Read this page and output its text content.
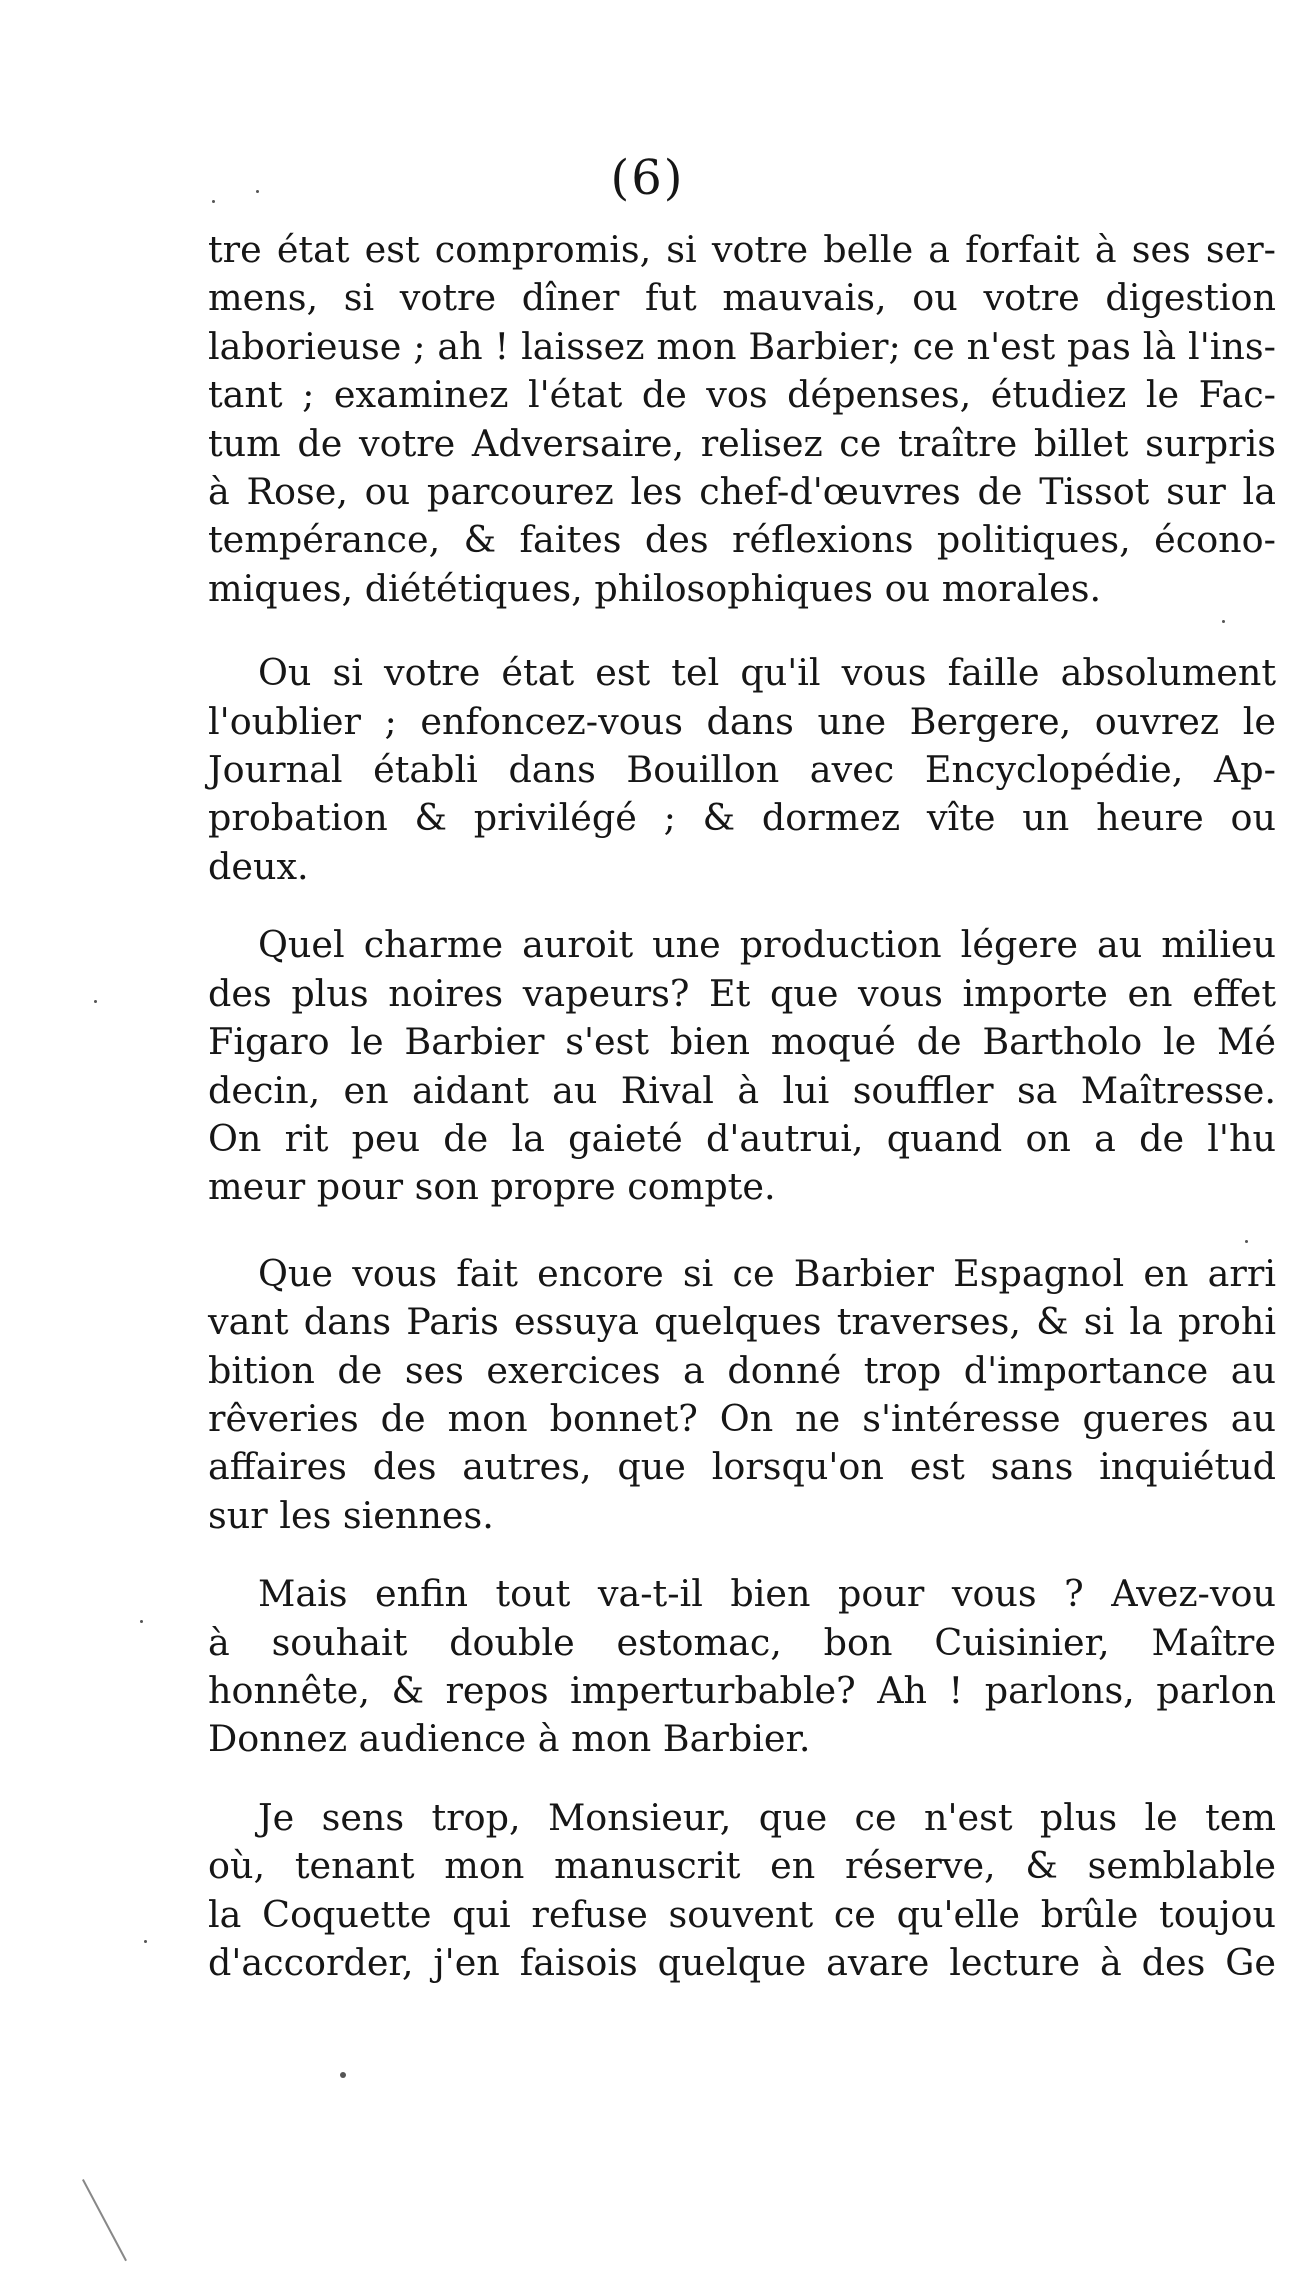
(6)
tre état est compromis, si votre belle a forfait à ses ser-
mens, si votre dîner fut mauvais, ou votre digestion
laborieuse ; ah ! laissez mon Barbier; ce n'est pas là l'ins-
tant ; examinez l'état de vos dépenses, étudiez le Fac-
tum de votre Adversaire, relisez ce traître billet surpris
à Rose, ou parcourez les chef-d'œuvres de Tissot sur la
tempérance, & faites des réflexions politiques, écono-
miques, diététiques, philosophiques ou morales.
Ou si votre état est tel qu'il vous faille absolument
l'oublier ; enfoncez-vous dans une Bergere, ouvrez le
Journal établi dans Bouillon avec Encyclopédie, Ap-
probation & privilégé ; & dormez vîte un heure ou
deux.
Quel charme auroit une production légere au milieu
des plus noires vapeurs? Et que vous importe en effet
Figaro le Barbier s'est bien moqué de Bartholo le Mé
decin, en aidant au Rival à lui souffler sa Maîtresse.
On rit peu de la gaieté d'autrui, quand on a de l'hu
meur pour son propre compte.
Que vous fait encore si ce Barbier Espagnol en arri
vant dans Paris essuya quelques traverses, & si la prohi
bition de ses exercices a donné trop d'importance au
rêveries de mon bonnet? On ne s'intéresse gueres au
affaires des autres, que lorsqu'on est sans inquiétud
sur les siennes.
Mais enfin tout va-t-il bien pour vous ? Avez-vou
à souhait double estomac, bon Cuisinier, Maître
honnête, & repos imperturbable? Ah ! parlons, parlon
Donnez audience à mon Barbier.
Je sens trop, Monsieur, que ce n'est plus le tem
où, tenant mon manuscrit en réserve, & semblable
la Coquette qui refuse souvent ce qu'elle brûle toujou
d'accorder, j'en faisois quelque avare lecture à des Ge
